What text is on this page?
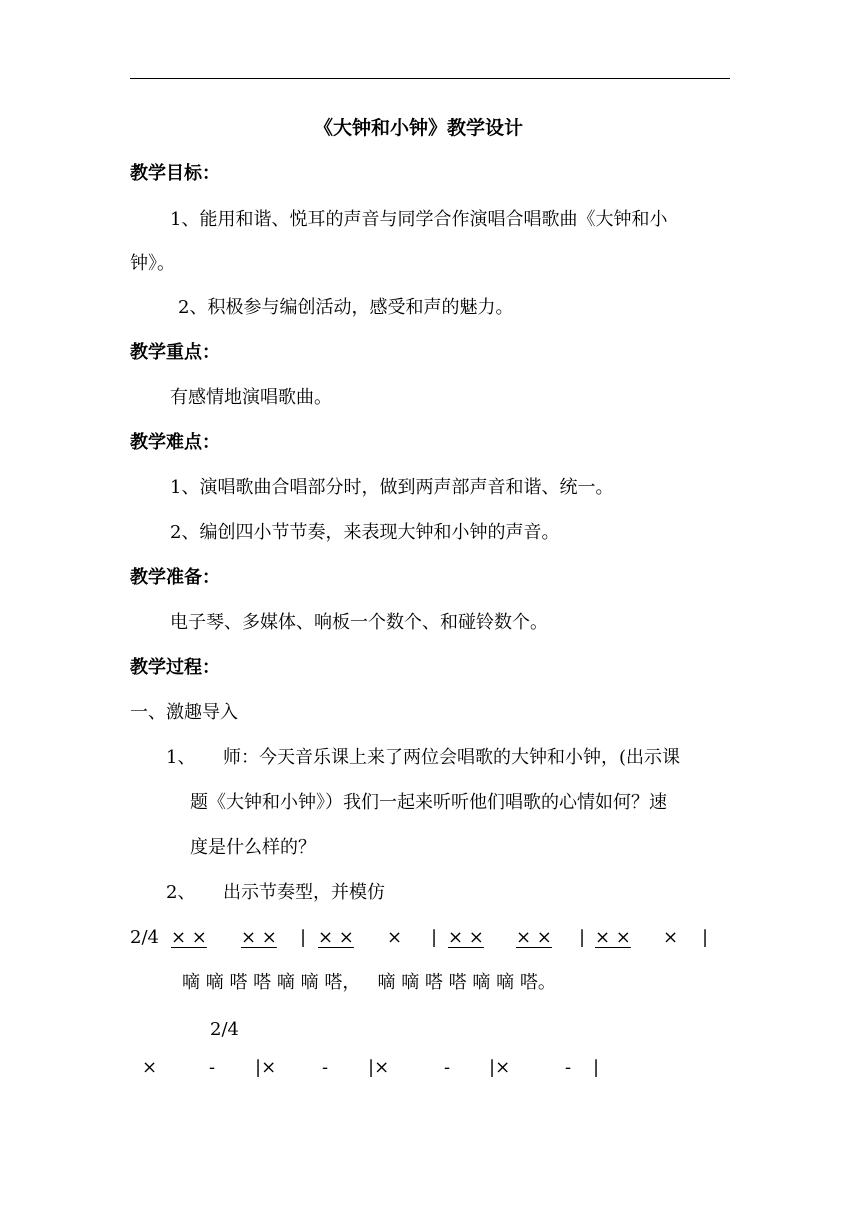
《大钟和小钟》教学设计
教学目标：
1、能用和谐、悦耳的声音与同学合作演唱合唱歌曲《大钟和小
钟》。
2、积极参与编创活动，感受和声的魅力。
教学重点：
有感情地演唱歌曲。
教学难点：
1、演唱歌曲合唱部分时，做到两声部声音和谐、统一。
2、编创四小节节奏，来表现大钟和小钟的声音。
教学准备：
电子琴、多媒体、响板一个数个、和碰铃数个。
教学过程：
一、激趣导入
1、 师：今天音乐课上来了两位会唱歌的大钟和小钟，(出示课
题《大钟和小钟》）我们一起来听听他们唱歌的心情如何？速
度是什么样的？
2、 出示节奏型，并模仿
2/4 × × × × | × × × | × × × × | × × × |
嘀 嘀 嗒 嗒 嘀 嘀 嗒，   嘀 嘀 嗒 嗒 嘀 嘀 嗒。
2/4
×	- |×	- |×	- |×	- |
